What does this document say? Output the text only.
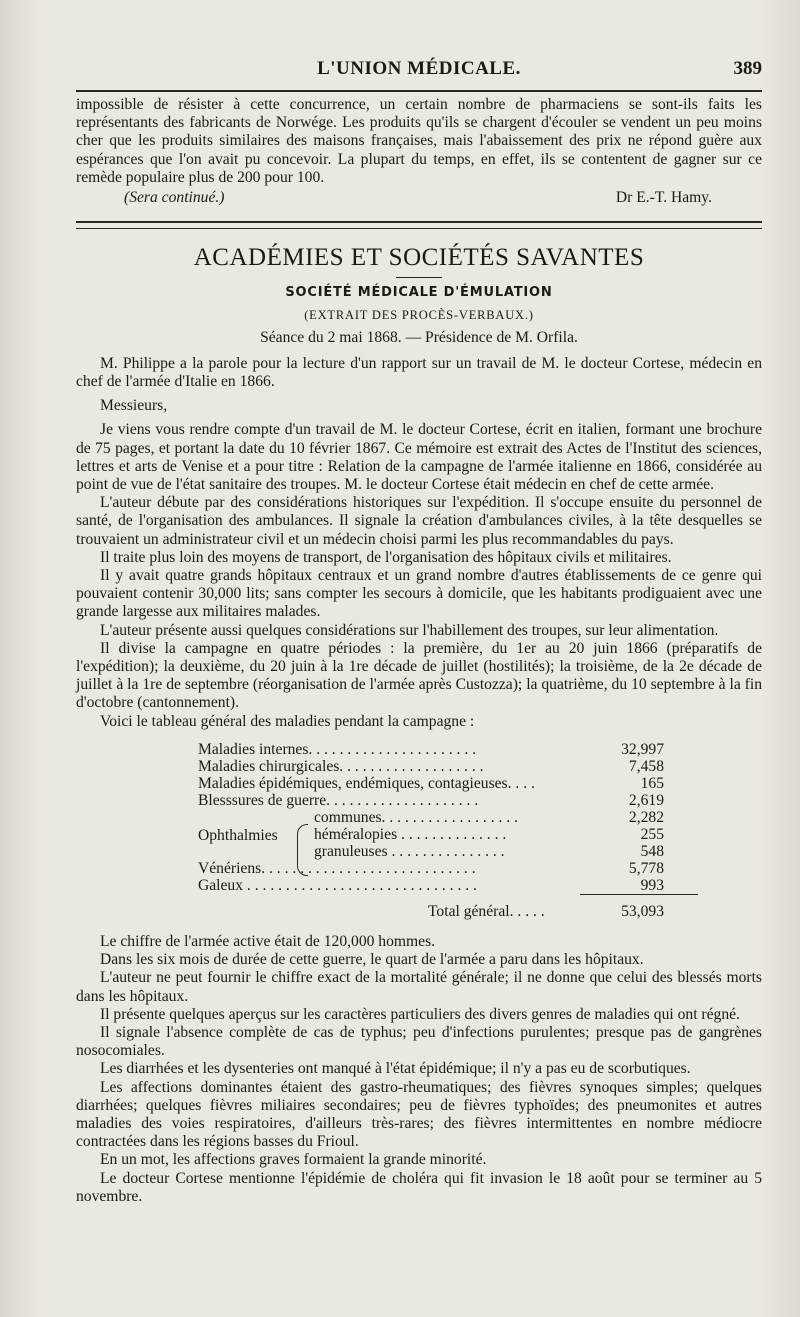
L'UNION MÉDICALE.	389

impossible de résister à cette concurrence, un certain nombre de pharmaciens se sont-ils faits les représentants des fabricants de Norwége. Les produits qu'ils se chargent d'écouler se vendent un peu moins cher que les produits similaires des maisons françaises, mais l'abaissement des prix ne répond guère aux espérances que l'on avait pu concevoir. La plupart du temps, en effet, ils se contentent de gagner sur ce remède populaire plus de 200 pour 100.

(Sera continué.)	Dr E.-T. Hamy.
ACADÉMIES ET SOCIÉTÉS SAVANTES
SOCIÉTÉ MÉDICALE D'ÉMULATION
(EXTRAIT DES PROCÈS-VERBAUX.)
Séance du 2 mai 1868. — Présidence de M. Orfila.

M. Philippe a la parole pour la lecture d'un rapport sur un travail de M. le docteur Cortese, médecin en chef de l'armée d'Italie en 1866.

Messieurs,

Je viens vous rendre compte d'un travail de M. le docteur Cortese, écrit en italien, formant une brochure de 75 pages, et portant la date du 10 février 1867. Ce mémoire est extrait des Actes de l'Institut des sciences, lettres et arts de Venise et a pour titre : Relation de la campagne de l'armée italienne en 1866, considérée au point de vue de l'état sanitaire des troupes. M. le docteur Cortese était médecin en chef de cette armée.

L'auteur débute par des considérations historiques sur l'expédition. Il s'occupe ensuite du personnel de santé, de l'organisation des ambulances. Il signale la création d'ambulances civiles, à la tête desquelles se trouvaient un administrateur civil et un médecin choisi parmi les plus recommandables du pays.

Il traite plus loin des moyens de transport, de l'organisation des hôpitaux civils et militaires.

Il y avait quatre grands hôpitaux centraux et un grand nombre d'autres établissements de ce genre qui pouvaient contenir 30,000 lits; sans compter les secours à domicile, que les habitants prodiguaient avec une grande largesse aux militaires malades.

L'auteur présente aussi quelques considérations sur l'habillement des troupes, sur leur alimentation.

Il divise la campagne en quatre périodes : la première, du 1er au 20 juin 1866 (préparatifs de l'expédition); la deuxième, du 20 juin à la 1re décade de juillet (hostilités); la troisième, de la 2e décade de juillet à la 1re de septembre (réorganisation de l'armée après Custozza); la quatrième, du 10 septembre à la fin d'octobre (cantonnement).

Voici le tableau général des maladies pendant la campagne :

Maladies internes. . . . . . . . . . . . . . . . . . . . . .	32,997
Maladies chirurgicales. . . . . . . . . . . . . . . . . . .	7,458
Maladies épidémiques, endémiques, contagieuses. . . .	165
Blesssures de guerre. . . . . . . . . . . . . . . . . . . .	2,619
Ophthalmies
communes. . . . . . . . . . . . . . . . . .	2,282
héméralopies . . . . . . . . . . . . . .	255
granuleuses . . . . . . . . . . . . . . .	548
Vénériens. . . . . . . . . . . . . . . . . . . . . . . . . . . .	5,778
Galeux . . . . . . . . . . . . . . . . . . . . . . . . . . . . . .	993
Total général. . . . .	53,093

Le chiffre de l'armée active était de 120,000 hommes.

Dans les six mois de durée de cette guerre, le quart de l'armée a paru dans les hôpitaux.

L'auteur ne peut fournir le chiffre exact de la mortalité générale; il ne donne que celui des blessés morts dans les hôpitaux.

Il présente quelques aperçus sur les caractères particuliers des divers genres de maladies qui ont régné.

Il signale l'absence complète de cas de typhus; peu d'infections purulentes; presque pas de gangrènes nosocomiales.

Les diarrhées et les dysenteries ont manqué à l'état épidémique; il n'y a pas eu de scorbutiques.

Les affections dominantes étaient des gastro-rheumatiques; des fièvres synoques simples; quelques diarrhées; quelques fièvres miliaires secondaires; peu de fièvres typhoïdes; des pneumonites et autres maladies des voies respiratoires, d'ailleurs très-rares; des fièvres intermittentes en nombre médiocre contractées dans les régions basses du Frioul.

En un mot, les affections graves formaient la grande minorité.

Le docteur Cortese mentionne l'épidémie de choléra qui fit invasion le 18 août pour se terminer au 5 novembre.
